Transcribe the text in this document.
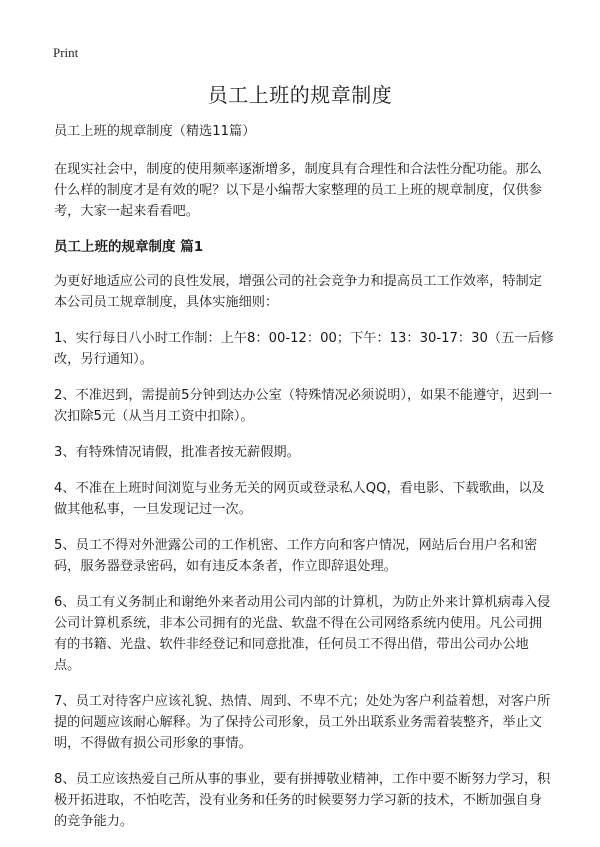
Print
员工上班的规章制度

员工上班的规章制度（精选11篇）

在现实社会中，制度的使用频率逐渐增多，制度具有合理性和合法性分配功能。那么什么样的制度才是有效的呢？以下是小编帮大家整理的员工上班的规章制度，仅供参考，大家一起来看看吧。

员工上班的规章制度 篇1

为更好地适应公司的良性发展，增强公司的社会竞争力和提高员工工作效率，特制定本公司员工规章制度，具体实施细则：

1、实行每日八小时工作制：上午8：00-12：00；下午：13：30-17：30（五一后修改，另行通知）。

2、不准迟到，需提前5分钟到达办公室（特殊情况必须说明），如果不能遵守，迟到一次扣除5元（从当月工资中扣除）。

3、有特殊情况请假，批准者按无薪假期。

4、不准在上班时间浏览与业务无关的网页或登录私人QQ，看电影、下载歌曲，以及做其他私事，一旦发现记过一次。

5、员工不得对外泄露公司的工作机密、工作方向和客户情况，网站后台用户名和密码，服务器登录密码，如有违反本条者，作立即辞退处理。

6、员工有义务制止和谢绝外来者动用公司内部的计算机，为防止外来计算机病毒入侵公司计算机系统，非本公司拥有的光盘、软盘不得在公司网络系统内使用。凡公司拥有的书籍、光盘、软件非经登记和同意批准，任何员工不得出借，带出公司办公地点。

7、员工对待客户应该礼貌、热情、周到、不卑不亢；处处为客户利益着想，对客户所提的问题应该耐心解释。为了保持公司形象，员工外出联系业务需着装整齐，举止文明，不得做有损公司形象的事情。

8、员工应该热爱自己所从事的事业，要有拼搏敬业精神，工作中要不断努力学习，积极开拓进取，不怕吃苦，没有业务和任务的时候要努力学习新的技术，不断加强自身的竞争能力。
